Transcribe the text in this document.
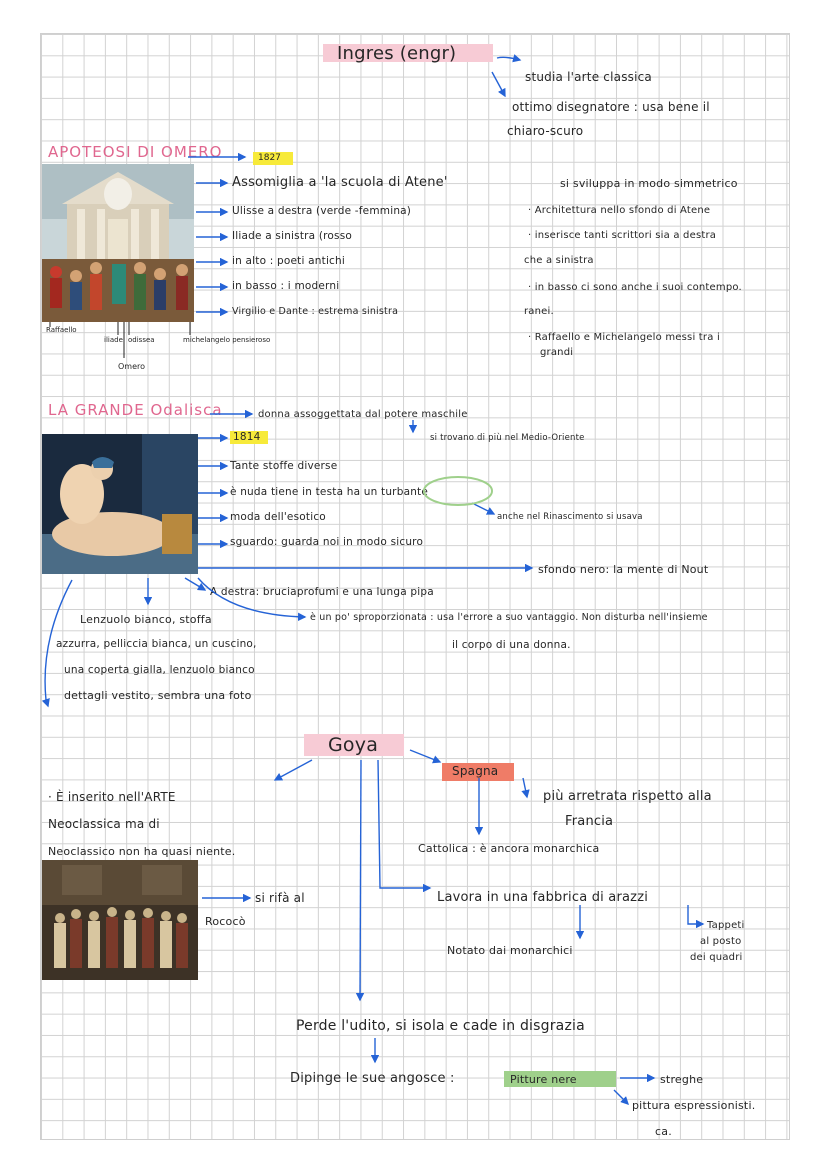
Ingres (engr)
studia l'arte classica
ottimo disegnatore : usa bene il
chiaro-scuro
APOTEOSI DI OMERO	1827
Assomiglia a 'la scuola di Atene'
Ulisse a destra (verde -femmina)
Iliade a sinistra (rosso
in alto : poeti antichi
in basso : i moderni
Virgilio e Dante : estrema sinistra
si sviluppa in modo simmetrico
· Architettura nello sfondo di Atene
· inserisce tanti scrittori sia a destra
che a sinistra
· in basso ci sono anche i suoi contempo.
ranei.
· Raffaello e Michelangelo messi tra i
grandi
Raffaello
iliade odissea
Omero
michelangelo pensieroso
LA GRANDE Odalisca	donna assoggettata dal potere maschile
1814
Tante stoffe diverse
è nuda tiene in testa ha un turbante
moda dell'esotico
sguardo: guarda noi in modo sicuro
si trovano di più nel Medio-Oriente
anche nel Rinascimento si usava
sfondo nero: la mente di Nout
A destra: bruciaprofumi e una lunga pipa
è un po' sproporzionata : usa l'errore a suo vantaggio. Non disturba nell'insieme
il corpo di una donna.
Lenzuolo bianco, stoffa
azzurra, pelliccia bianca, un cuscino,
una coperta gialla, lenzuolo bianco
dettagli vestito, sembra una foto
Goya
Spagna
più arretrata rispetto alla
Francia
Cattolica : è ancora monarchica
· È inserito nell'ARTE
Neoclassica ma di
Neoclassico non ha quasi niente.
si rifà al
Rococò
Lavora in una fabbrica di arazzi
Notato dai monarchici
Tappeti
al posto
dei quadri
Perde l'udito, si isola e cade in disgrazia
Dipinge le sue angosce :	Pitture nere	streghe
pittura espressionisti.
ca.
